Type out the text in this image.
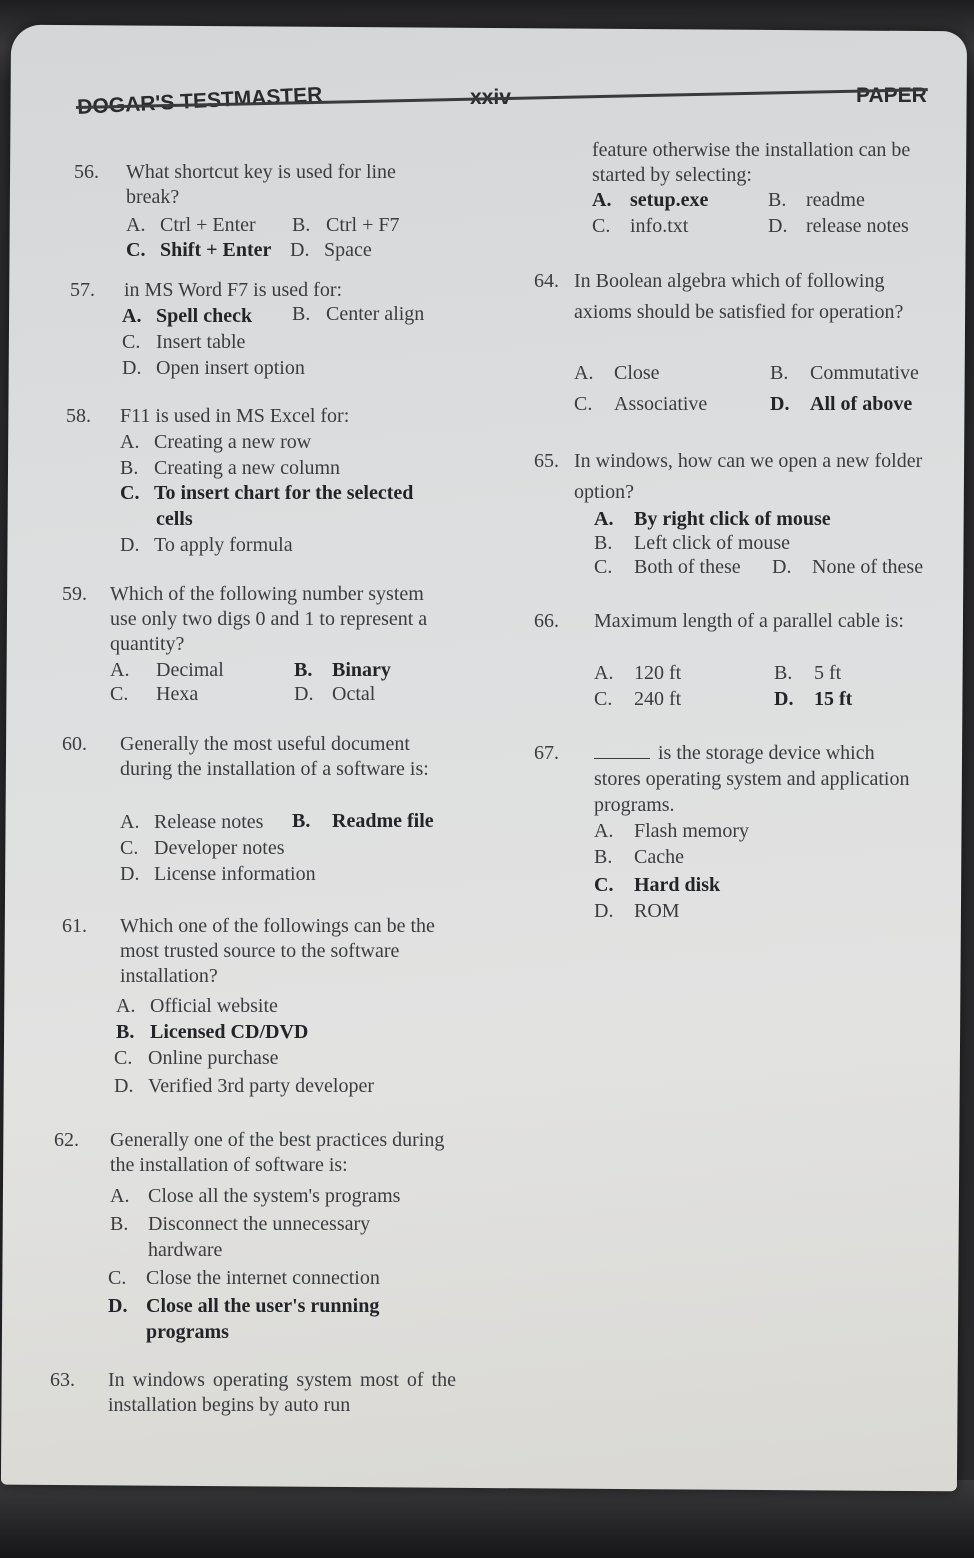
DOGAR'S TESTMASTER	PAPER
56. What shortcut key is used for line break?
A. Ctrl + Enter B. Ctrl + F7
C. Shift + Enter D. Space
57. in MS Word F7 is used for:
A. Spell check B. Center align
C. Insert table
D. Open insert option
58. F11 is used in MS Excel for:
A. Creating a new row
B. Creating a new column
C. To insert chart for the selected
cells
D. To apply formula
59. Which of the following number system use only two digs 0 and 1 to represent a quantity?
A. Decimal	B. Binary
C. Hexa	D. Octal
60. Generally the most useful document during the installation of a software is:
A. Release notes B. Readme file
C. Developer notes
D. License information
61. Which one of the followings can be the most trusted source to the software installation?
A. Official website
B. Licensed CD/DVD
C. Online purchase
D. Verified 3rd party developer
62. Generally one of the best practices during the installation of software is:
A. Close all the system's programs
B. Disconnect the unnecessary
hardware
C. Close the internet connection
D. Close all the user's running
programs
63. In windows operating system most of the installation begins by auto run
feature otherwise the installation can be started by selecting:
A. setup.exe	B. readme
C. info.txt	D. release notes
64. In Boolean algebra which of following axioms should be satisfied for operation?
A. Close	B. Commutative
C. Associative	D. All of above
65. In windows, how can we open a new folder option?
A. By right click of mouse
B. Left click of mouse
C. Both of these D. None of these
66. Maximum length of a parallel cable is:
A. 120 ft	B. 5 ft
C. 240 ft	D. 15 ft
67.	is the storage device which stores operating system and application programs.
A. Flash memory
B. Cache
C. Hard disk
D. ROM
